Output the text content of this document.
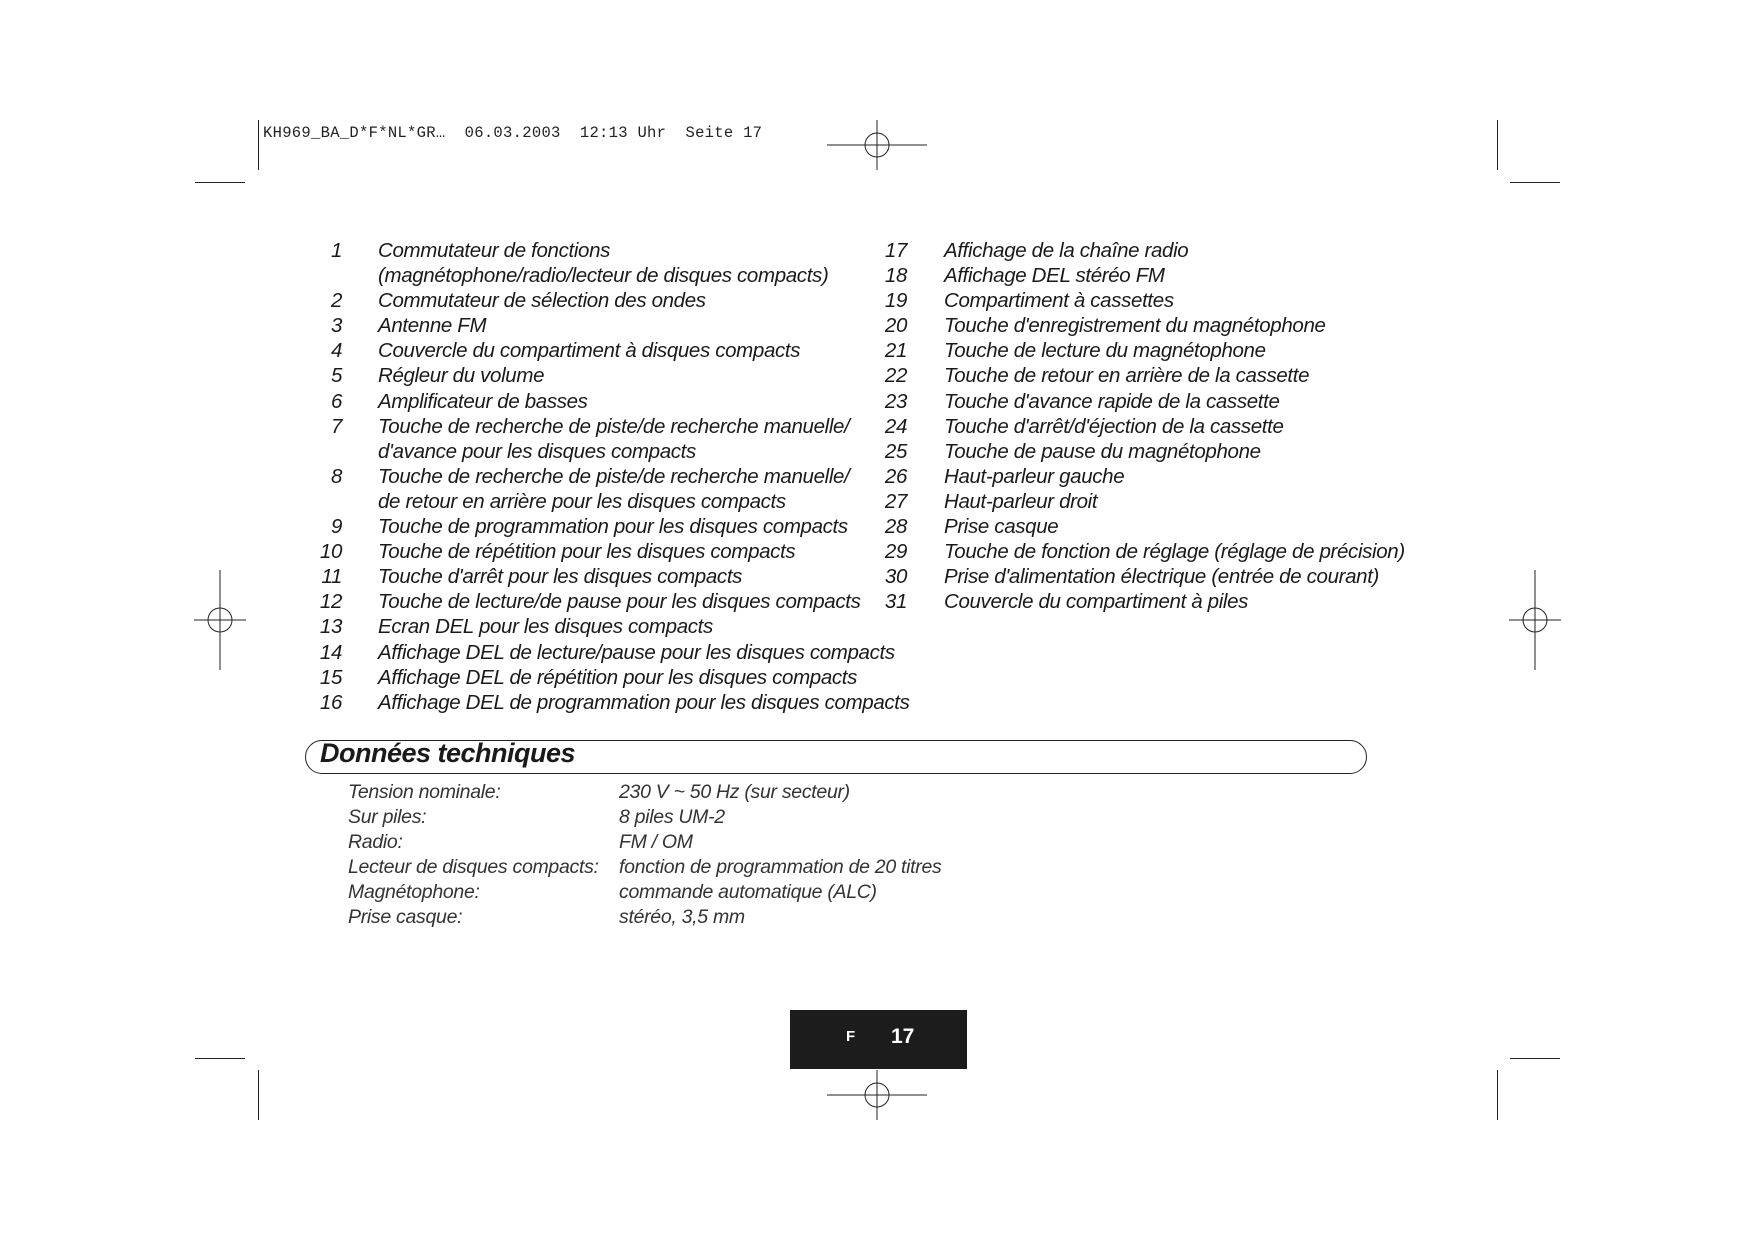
KH969_BA_D*F*NL*GR…  06.03.2003  12:13 Uhr  Seite 17
1	Commutateur de fonctions
(magnétophone/radio/lecteur de disques compacts)
2	Commutateur de sélection des ondes
3	Antenne FM
4	Couvercle du compartiment à disques compacts
5	Régleur du volume
6	Amplificateur de basses
7	Touche de recherche de piste/de recherche manuelle/
d'avance pour les disques compacts
8	Touche de recherche de piste/de recherche manuelle/
de retour en arrière pour les disques compacts
9	Touche de programmation pour les disques compacts
10	Touche de répétition pour les disques compacts
11	Touche d'arrêt pour les disques compacts
12	Touche de lecture/de pause pour les disques compacts
13	Ecran DEL pour les disques compacts
14	Affichage DEL de lecture/pause pour les disques compacts
15	Affichage DEL de répétition pour les disques compacts
16	Affichage DEL de programmation pour les disques compacts
17	Affichage de la chaîne radio
18	Affichage DEL stéréo FM
19	Compartiment à cassettes
20	Touche d'enregistrement du magnétophone
21	Touche de lecture du magnétophone
22	Touche de retour en arrière de la cassette
23	Touche d'avance rapide de la cassette
24	Touche d'arrêt/d'éjection de la cassette
25	Touche de pause du magnétophone
26	Haut-parleur gauche
27	Haut-parleur droit
28	Prise casque
29	Touche de fonction de réglage (réglage de précision)
30	Prise d'alimentation électrique (entrée de courant)
31	Couvercle du compartiment à piles
Données techniques
Tension nominale:	230 V ~ 50 Hz (sur secteur)
Sur piles:	8 piles UM-2
Radio:	FM / OM
Lecteur de disques compacts:	fonction de programmation de 20 titres
Magnétophone:	commande automatique (ALC)
Prise casque:	stéréo, 3,5 mm
F 17
